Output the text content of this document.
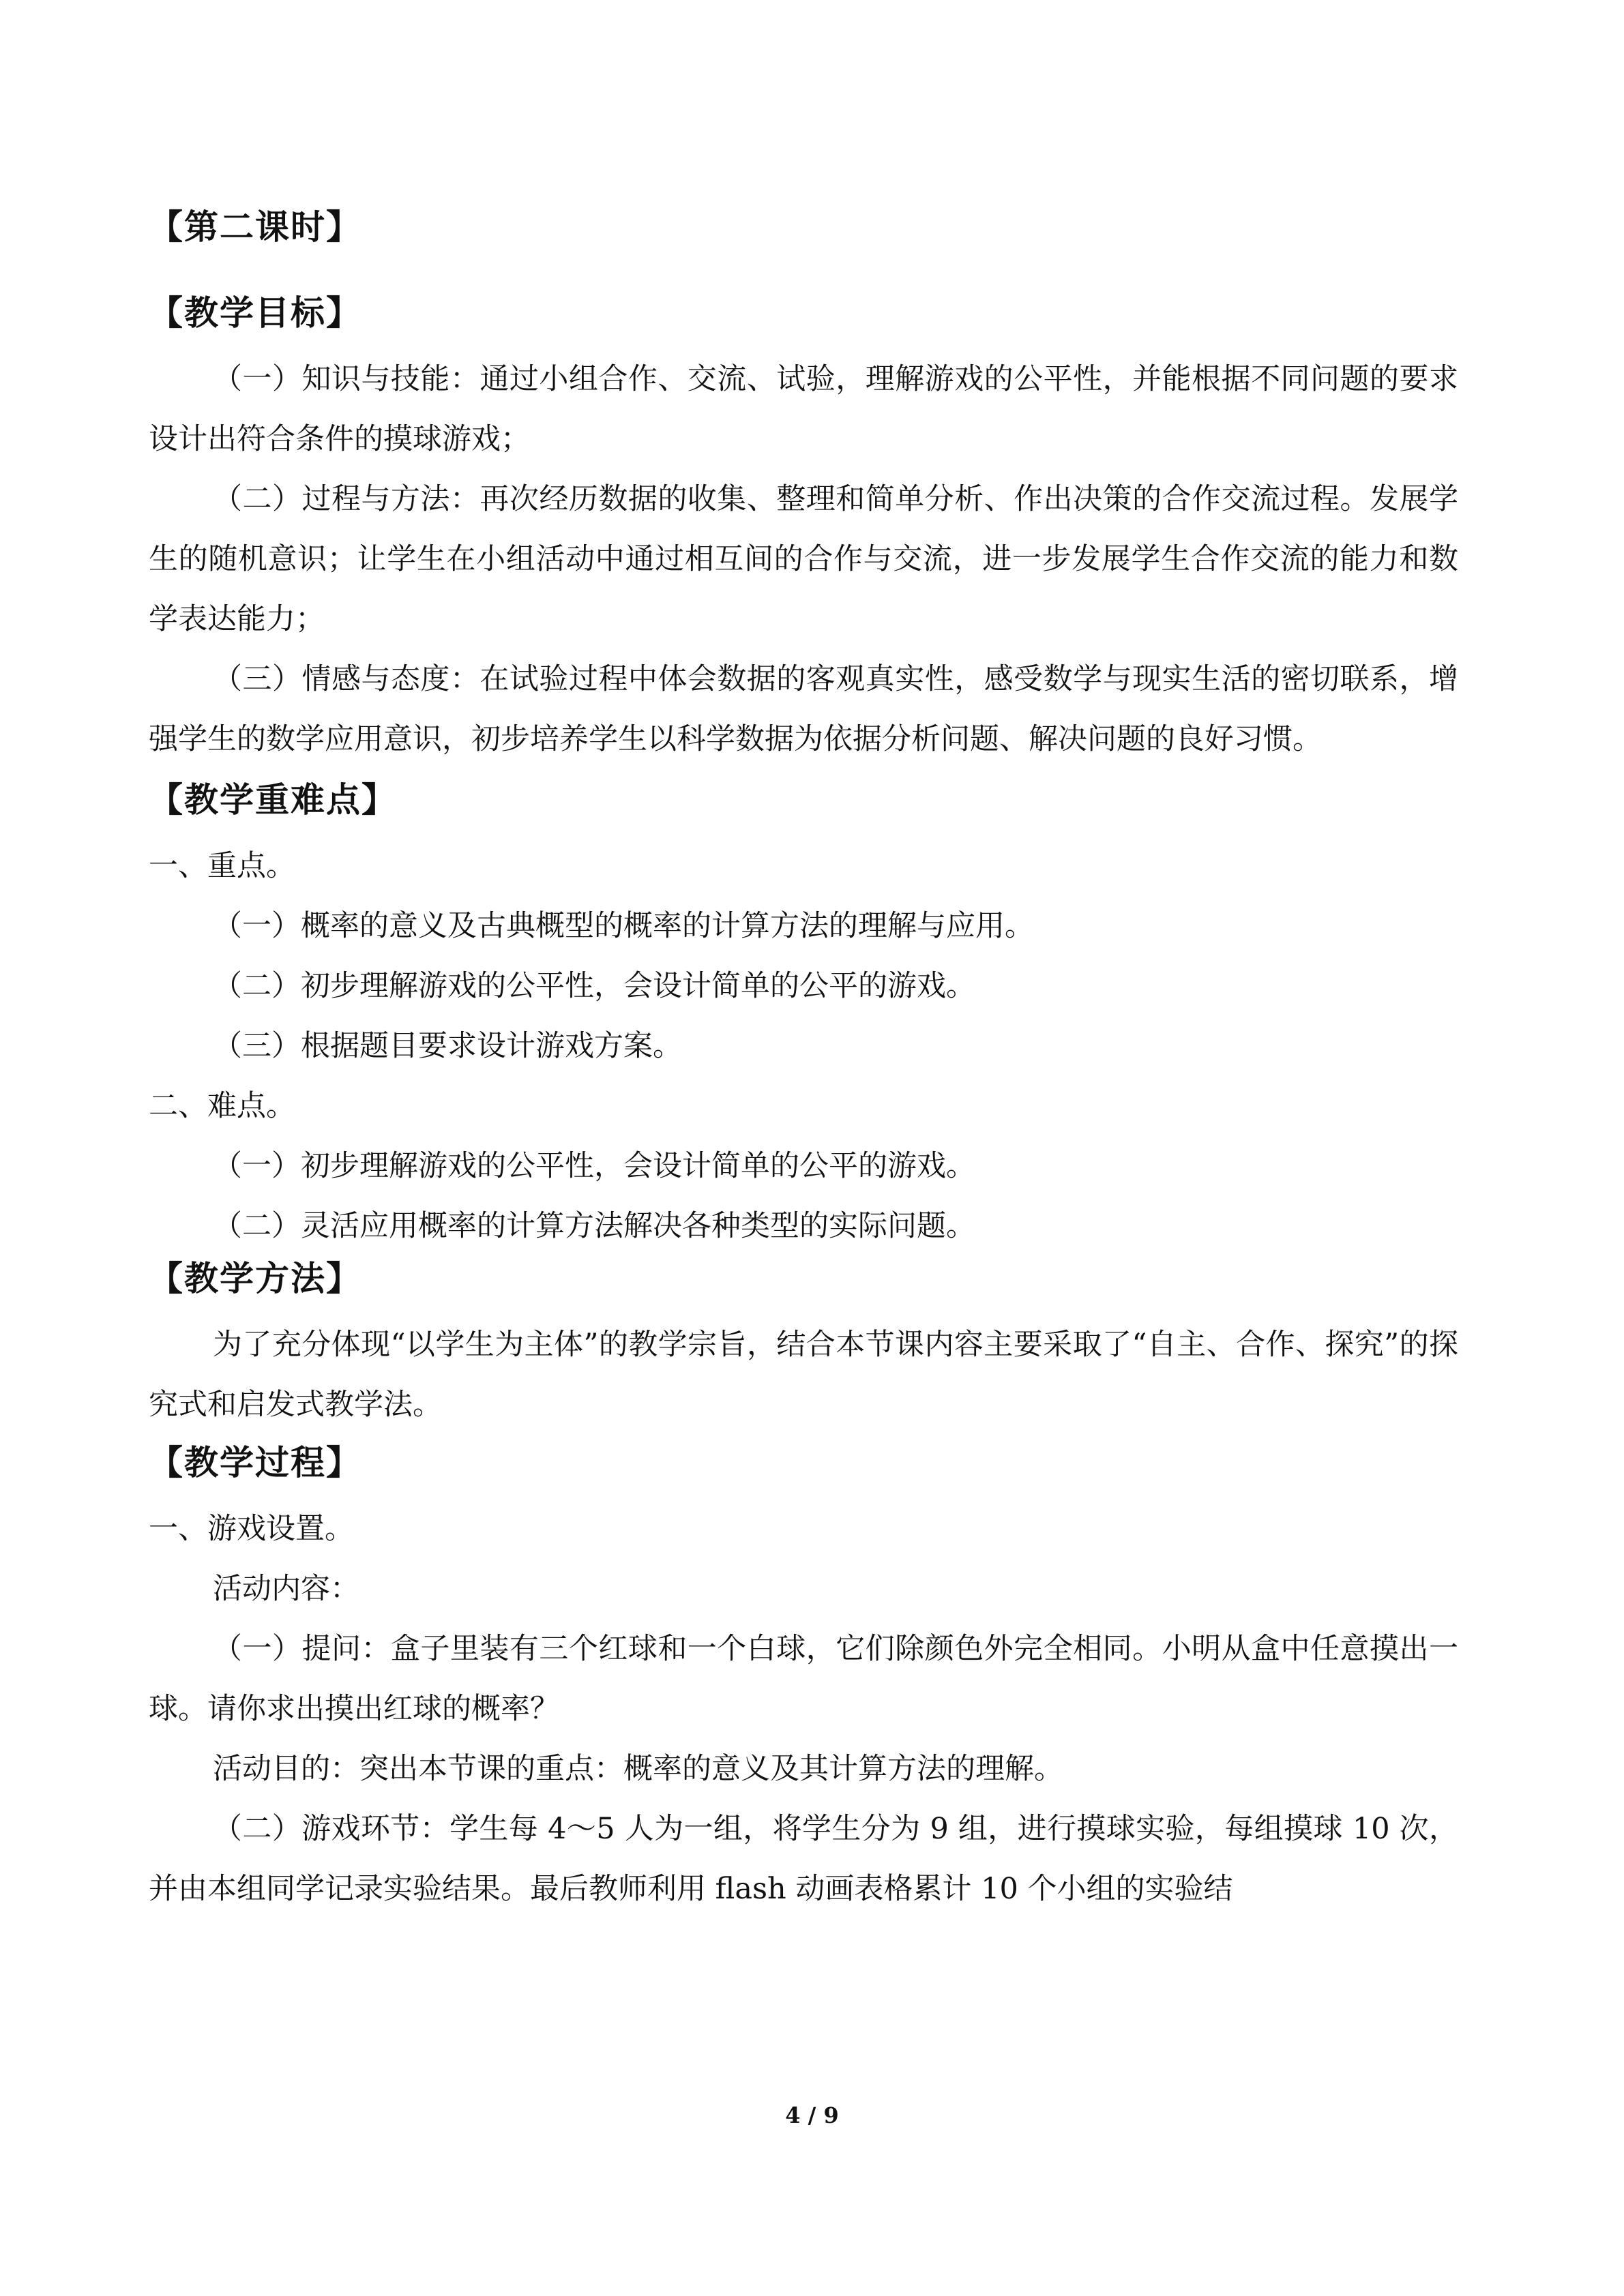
【第二课时】
【教学目标】

（一）知识与技能：通过小组合作、交流、试验，理解游戏的公平性，并能根据不同问题的要求设计出符合条件的摸球游戏；

（二）过程与方法：再次经历数据的收集、整理和简单分析、作出决策的合作交流过程。发展学生的随机意识；让学生在小组活动中通过相互间的合作与交流，进一步发展学生合作交流的能力和数学表达能力；

（三）情感与态度：在试验过程中体会数据的客观真实性，感受数学与现实生活的密切联系，增强学生的数学应用意识，初步培养学生以科学数据为依据分析问题、解决问题的良好习惯。

【教学重难点】

一、重点。

（一）概率的意义及古典概型的概率的计算方法的理解与应用。

（二）初步理解游戏的公平性，会设计简单的公平的游戏。

（三）根据题目要求设计游戏方案。

二、难点。

（一）初步理解游戏的公平性，会设计简单的公平的游戏。

（二）灵活应用概率的计算方法解决各种类型的实际问题。

【教学方法】

为了充分体现“以学生为主体”的教学宗旨，结合本节课内容主要采取了“自主、合作、探究”的探究式和启发式教学法。

【教学过程】

一、游戏设置。

活动内容：

（一）提问：盒子里装有三个红球和一个白球，它们除颜色外完全相同。小明从盒中任意摸出一球。请你求出摸出红球的概率？

活动目的：突出本节课的重点：概率的意义及其计算方法的理解。

（二）游戏环节：学生每 4～5 人为一组，将学生分为 9 组，进行摸球实验，每组摸球 10 次，并由本组同学记录实验结果。最后教师利用 flash 动画表格累计 10 个小组的实验结

4 / 9
